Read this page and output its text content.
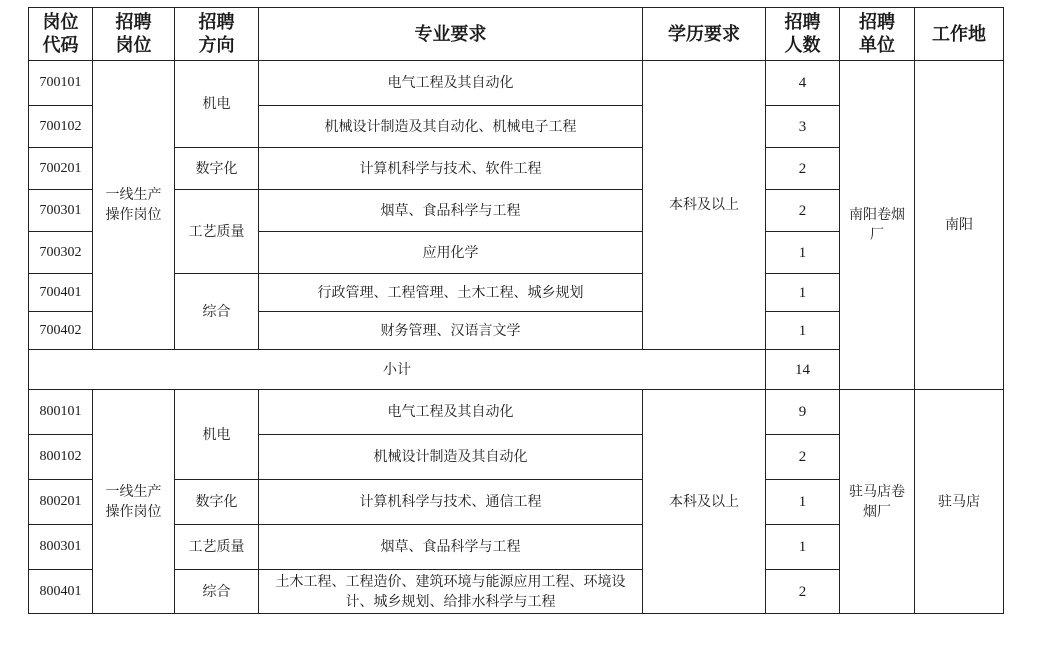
岗位代码	招聘岗位	招聘方向	专业要求	学历要求	招聘人数	招聘单位	工作地
700101	一线生产操作岗位	机电	电气工程及其自动化	本科及以上	4	南阳卷烟厂	南阳
700102			机械设计制造及其自动化、机械电子工程		3		
700201		数字化	计算机科学与技术、软件工程		2		
700301		工艺质量	烟草、食品科学与工程		2		
700302			应用化学		1		
700401		综合	行政管理、工程管理、土木工程、城乡规划		1		
700402			财务管理、汉语言文学		1		
小计					14		
800101	一线生产操作岗位	机电	电气工程及其自动化	本科及以上	9	驻马店卷烟厂	驻马店
800102			机械设计制造及其自动化		2		
800201		数字化	计算机科学与技术、通信工程		1		
800301		工艺质量	烟草、食品科学与工程		1		
800401		综合	土木工程、工程造价、建筑环境与能源应用工程、环境设计、城乡规划、给排水科学与工程		2		
